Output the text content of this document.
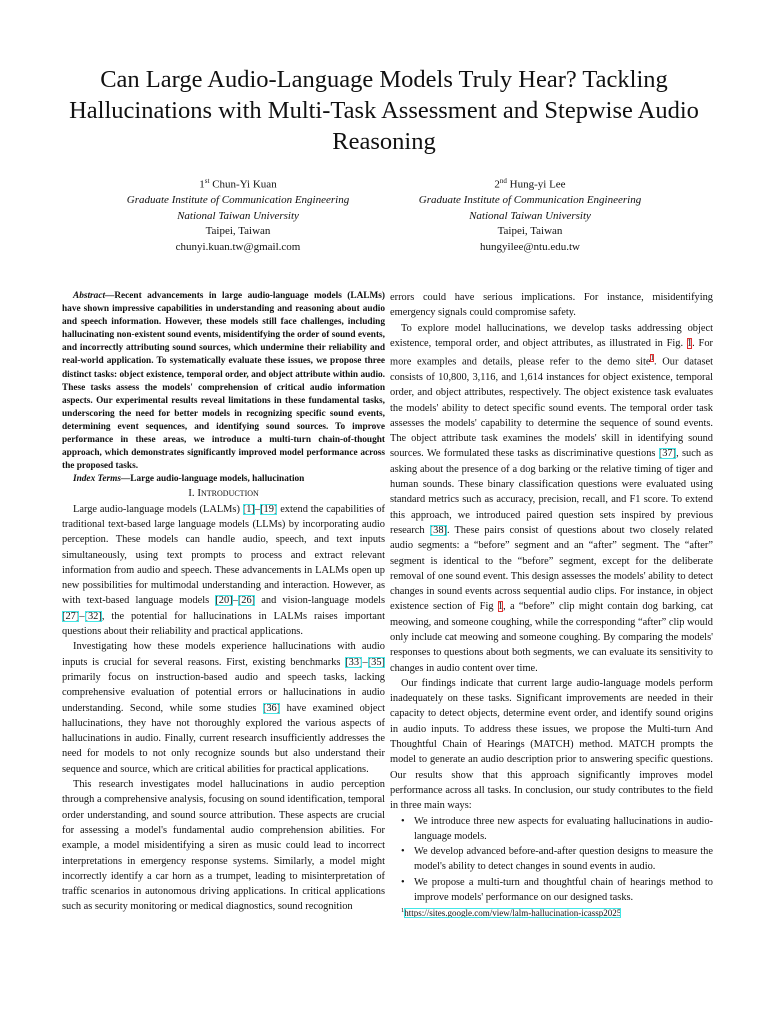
Can Large Audio-Language Models Truly Hear? Tackling Hallucinations with Multi-Task Assessment and Stepwise Audio Reasoning
1st Chun-Yi Kuan
Graduate Institute of Communication Engineering
National Taiwan University
Taipei, Taiwan
chunyi.kuan.tw@gmail.com
2nd Hung-yi Lee
Graduate Institute of Communication Engineering
National Taiwan University
Taipei, Taiwan
hungyilee@ntu.edu.tw

Abstract—Recent advancements in large audio-language models (LALMs) have shown impressive capabilities in understanding and reasoning about audio and speech information. However, these models still face challenges, including hallucinating non-existent sound events, misidentifying the order of sound events, and incorrectly attributing sound sources, which undermine their reliability and real-world application. To systematically evaluate these issues, we propose three distinct tasks: object existence, temporal order, and object attribute within audio. These tasks assess the models' comprehension of critical audio information aspects. Our experimental results reveal limitations in these fundamental tasks, underscoring the need for better models in recognizing specific sound events, determining event sequences, and identifying sound sources. To improve performance in these areas, we introduce a multi-turn chain-of-thought approach, which demonstrates significantly improved model performance across the proposed tasks.

Index Terms—Large audio-language models, hallucination

I. Introduction

Large audio-language models (LALMs) [1]–[19] extend the capabilities of traditional text-based large language models (LLMs) by incorporating audio perception. These models can handle audio, speech, and text inputs simultaneously, using text prompts to process and extract relevant information from audio and speech. These advancements in LALMs open up new possibilities for multimodal understanding and interaction. However, as with text-based language models [20]–[26] and vision-language models [27]–[32], the potential for hallucinations in LALMs raises important questions about their reliability and practical applications.

Investigating how these models experience hallucinations with audio inputs is crucial for several reasons. First, existing benchmarks [33]–[35] primarily focus on instruction-based audio and speech tasks, lacking comprehensive evaluation of potential errors or hallucinations in audio understanding. Second, while some studies [36] have examined object hallucinations, they have not thoroughly explored the various aspects of hallucinations in audio. Finally, current research insufficiently addresses the need for models to not only recognize sounds but also understand their sequence and source, which are critical abilities for practical applications.

This research investigates model hallucinations in audio perception through a comprehensive analysis, focusing on sound identification, temporal order understanding, and sound source attribution. These aspects are crucial for assessing a model's fundamental audio comprehension abilities. For example, a model misidentifying a siren as music could lead to incorrect interpretations in emergency response systems. Similarly, a model might incorrectly identify a car horn as a trumpet, leading to misinterpretation of traffic scenarios in autonomous driving applications. In critical applications such as security monitoring or medical diagnostics, sound recognition

errors could have serious implications. For instance, misidentifying emergency signals could compromise safety.

To explore model hallucinations, we develop tasks addressing object existence, temporal order, and object attributes, as illustrated in Fig. 1. For more examples and details, please refer to the demo site$^1$. Our dataset consists of 10,800, 3,116, and 1,614 instances for object existence, temporal order, and object attributes, respectively. The object existence task evaluates the models' ability to detect specific sound events. The temporal order task assesses the models' capability to determine the sequence of sound events. The object attribute task examines the models' skill in identifying sound sources. We formulated these tasks as discriminative questions [37], such as asking about the presence of a dog barking or the relative timing of tiger and human sounds. These binary classification questions were evaluated using standard metrics such as accuracy, precision, recall, and F1 score. To extend this approach, we introduced paired question sets inspired by previous research [38]. These pairs consist of questions about two closely related audio segments: a “before” segment and an “after” segment. The “after” segment is identical to the “before” segment, except for the deliberate removal of one sound event. This design assesses the models' ability to detect changes in sound events across sequential audio clips. For instance, in object existence section of Fig 1, a “before” clip might contain dog barking, cat meowing, and someone coughing, while the corresponding “after” clip would only include cat meowing and someone coughing. By comparing the models' responses to questions about both segments, we can evaluate its sensitivity to changes in audio content over time.

Our findings indicate that current large audio-language models perform inadequately on these tasks. Significant improvements are needed in their capacity to detect objects, determine event order, and identify sound origins in audio inputs. To address these issues, we propose the Multi-turn And Thoughtful Chain of Hearings (MATCH) method. MATCH prompts the model to generate an audio description prior to answering specific questions. Our results show that this approach significantly improves model performance across all tasks. In conclusion, our study contributes to the field in three main ways:

• We introduce three new aspects for evaluating hallucinations in audio-language models.
• We develop advanced before-and-after question designs to measure the model's ability to detect changes in sound events in audio.
• We propose a multi-turn and thoughtful chain of hearings method to improve models' performance on our designed tasks.

$^1$https://sites.google.com/view/lalm-hallucination-icassp2025
